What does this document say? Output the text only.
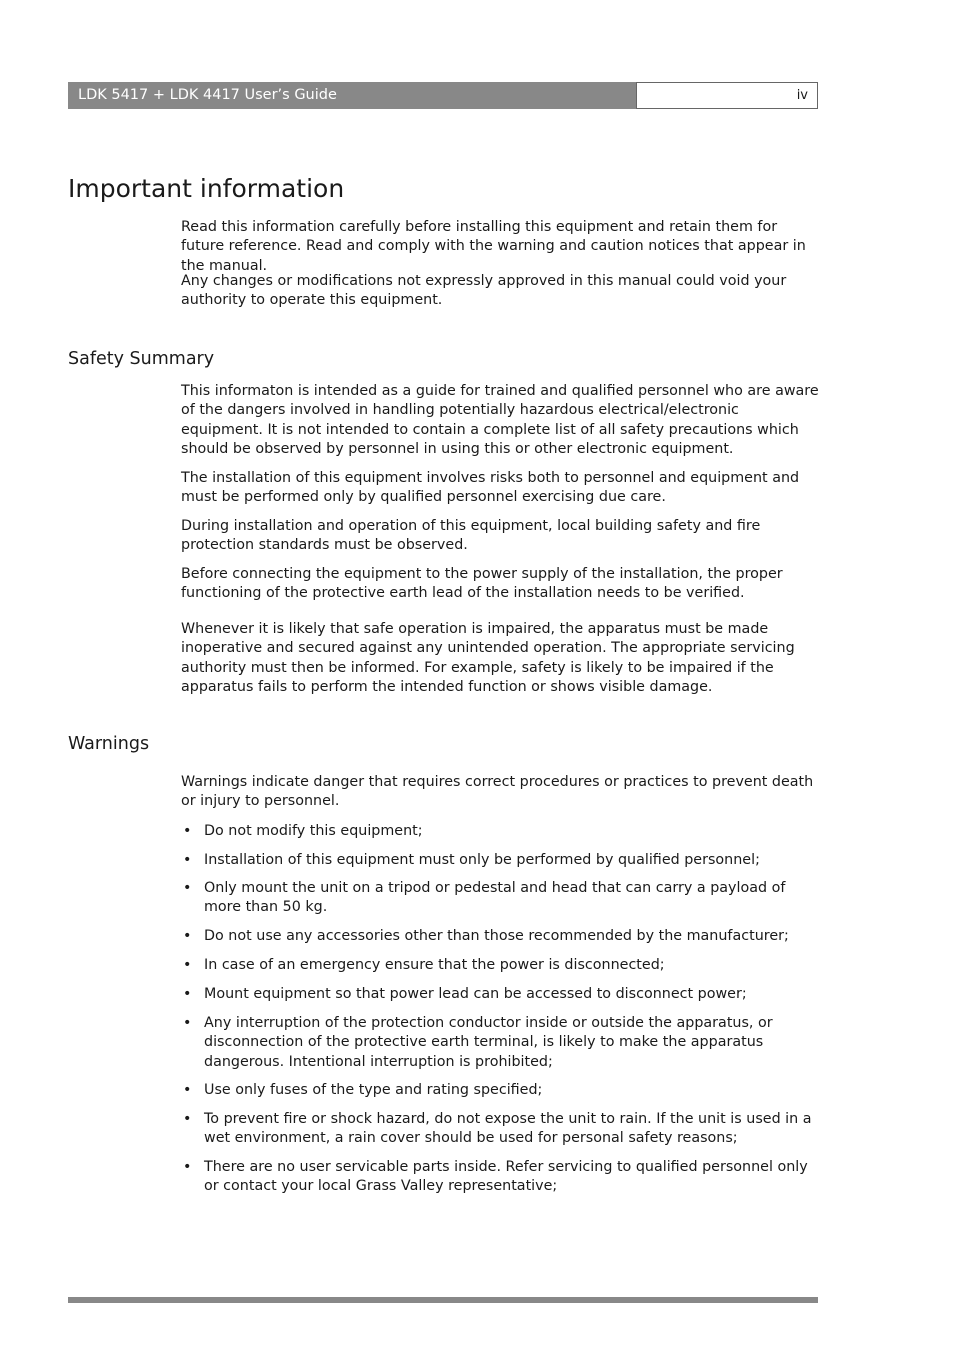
LDK 5417 + LDK 4417 User’s Guide	iv
Important information

Read this information carefully before installing this equipment and retain them for future reference. Read and comply with the warning and caution notices that appear in the manual.

Any changes or modifications not expressly approved in this manual could void your authority to operate this equipment.

Safety Summary

This informaton is intended as a guide for trained and qualified personnel who are aware of the dangers involved in handling potentially hazardous electrical/electronic equipment. It is not intended to contain a complete list of all safety precautions which should be observed by personnel in using this or other electronic equipment.

The installation of this equipment involves risks both to personnel and equipment and must be performed only by qualified personnel exercising due care.

During installation and operation of this equipment, local building safety and fire protection standards must be observed.

Before connecting the equipment to the power supply of the installation, the proper functioning of the protective earth lead of the installation needs to be verified.

Whenever it is likely that safe operation is impaired, the apparatus must be made inoperative and secured against any unintended operation. The appropriate servicing authority must then be informed. For example, safety is likely to be impaired if the apparatus fails to perform the intended function or shows visible damage.

Warnings

Warnings indicate danger that requires correct procedures or practices to prevent death or injury to personnel.

• Do not modify this equipment;
• Installation of this equipment must only be performed by qualified personnel;
• Only mount the unit on a tripod or pedestal and head that can carry a payload of more than 50 kg.
• Do not use any accessories other than those recommended by the manufacturer;
• In case of an emergency ensure that the power is disconnected;
• Mount equipment so that power lead can be accessed to disconnect power;
• Any interruption of the protection conductor inside or outside the apparatus, or disconnection of the protective earth terminal, is likely to make the apparatus dangerous. Intentional interruption is prohibited;
• Use only fuses of the type and rating specified;
• To prevent fire or shock hazard, do not expose the unit to rain. If the unit is used in a wet environment, a rain cover should be used for personal safety reasons;
• There are no user servicable parts inside. Refer servicing to qualified personnel only or contact your local Grass Valley representative;
